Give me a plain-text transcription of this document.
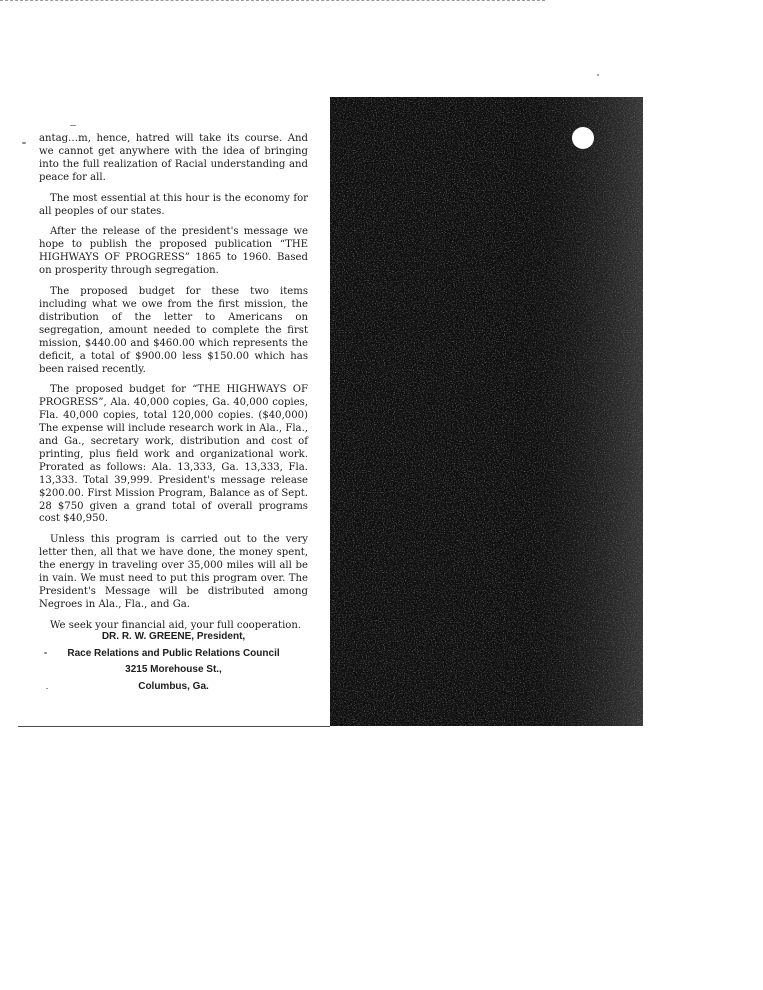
antag…m, hence, hatred will take its course. And we cannot get anywhere with the idea of bringing into the full realization of Racial understanding and peace for all.

The most essential at this hour is the economy for all peoples of our states.

After the release of the president's message we hope to publish the proposed publication “THE HIGHWAYS OF PROGRESS” 1865 to 1960. Based on prosperity through segregation.

The proposed budget for these two items including what we owe from the first mission, the distribution of the letter to Americans on segregation, amount needed to complete the first mission, $440.00 and $460.00 which represents the deficit, a total of $900.00 less $150.00 which has been raised recently.

The proposed budget for “THE HIGHWAYS OF PROGRESS”, Ala. 40,000 copies, Ga. 40,000 copies, Fla. 40,000 copies, total 120,000 copies. ($40,000) The expense will include research work in Ala., Fla., and Ga., secretary work, distribution and cost of printing, plus field work and organizational work. Prorated as follows: Ala. 13,333, Ga. 13,333, Fla. 13,333. Total 39,999. President's message release $200.00. First Mission Program, Balance as of Sept. 28 $750 given a grand total of overall programs cost $40,950.

Unless this program is carried out to the very letter then, all that we have done, the money spent, the energy in traveling over 35,000 miles will all be in vain. We must need to put this program over. The President's Message will be distributed among Negroes in Ala., Fla., and Ga.

We seek your financial aid, your full cooperation.

DR. R. W. GREENE, President,
Race Relations and Public Relations Council
3215 Morehouse St.,
Columbus, Ga.
